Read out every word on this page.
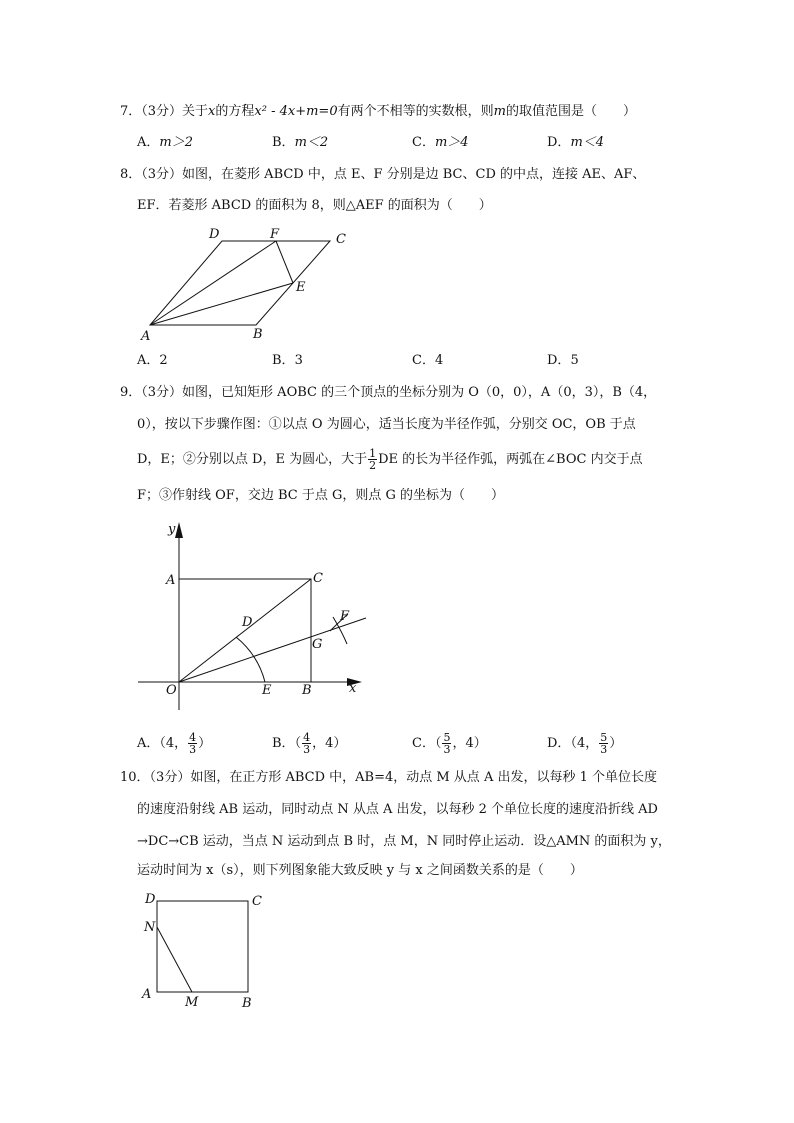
7．（3分）关于x的方程x² - 4x+m=0有两个不相等的实数根，则m的取值范围是（　　）
A．m＞2	B．m＜2	C．m＞4	D．m＜4
8．（3分）如图，在菱形 ABCD 中，点 E、F 分别是边 BC、CD 的中点，连接 AE、AF、
EF．若菱形 ABCD 的面积为 8，则△AEF 的面积为（　　）
D	F	C
E
A	B
A．2	B．3	C．4	D．5
9．（3分）如图，已知矩形 AOBC 的三个顶点的坐标分别为 O（0，0），A（0，3），B（4，
0），按以下步骤作图：①以点 O 为圆心，适当长度为半径作弧，分别交 OC，OB 于点
D，E；②分别以点 D，E 为圆心，大于 $\frac{1}{2}$ DE 的长为半径作弧，两弧在∠BOC 内交于点
F；③作射线 OF，交边 BC 于点 G，则点 G 的坐标为（　　）
y
A	C
D	F
G
O	E B	x
A．（4， $\frac{4}{3}$ ）	B．（ $\frac{4}{3}$ ，4）	C．（ $\frac{5}{3}$ ，4）	D．（4， $\frac{5}{3}$ ）
10．（3分）如图，在正方形 ABCD 中，AB=4，动点 M 从点 A 出发，以每秒 1 个单位长度
的速度沿射线 AB 运动，同时动点 N 从点 A 出发，以每秒 2 个单位长度的速度沿折线 AD
→DC→CB 运动，当点 N 运动到点 B 时，点 M，N 同时停止运动．设△AMN 的面积为 y，
运动时间为 x（s），则下列图象能大致反映 y 与 x 之间函数关系的是（　　）
D	C
N
A
M	B
